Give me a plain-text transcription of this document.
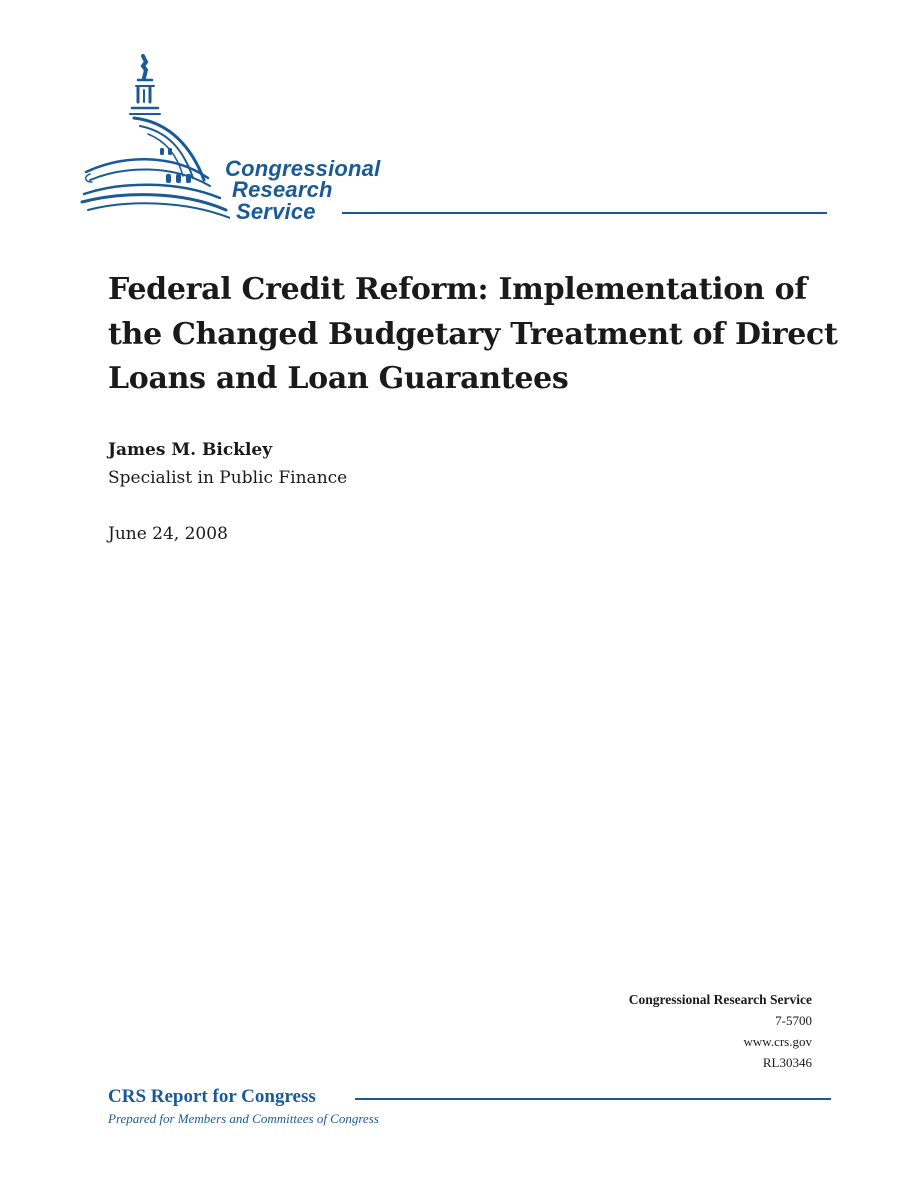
Congressional
Research
Service
Federal Credit Reform: Implementation of the Changed Budgetary Treatment of Direct Loans and Loan Guarantees
James M. Bickley
Specialist in Public Finance
June 24, 2008
Congressional Research Service
7-5700
www.crs.gov
RL30346
CRS Report for Congress
Prepared for Members and Committees of Congress
